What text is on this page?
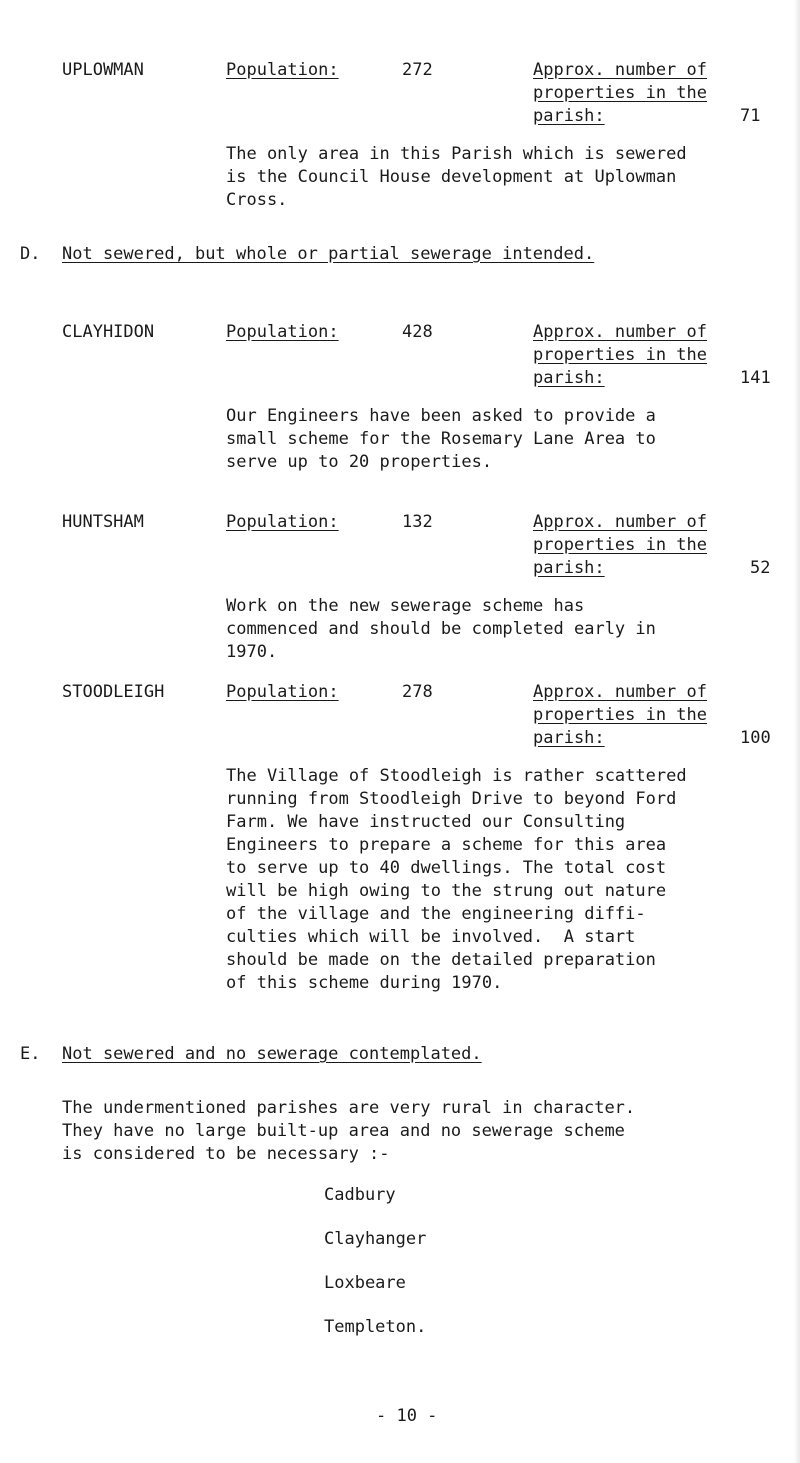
UPLOWMAN	Population:	272	Approx. number of
properties in the
parish:	71
The only area in this Parish which is sewered
is the Council House development at Uplowman
Cross.
D. Not sewered, but whole or partial sewerage intended.
CLAYHIDON	Population:	428	Approx. number of
properties in the
parish:	141
Our Engineers have been asked to provide a
small scheme for the Rosemary Lane Area to
serve up to 20 properties.
HUNTSHAM	Population:	132	Approx. number of
properties in the
parish:	52
Work on the new sewerage scheme has
commenced and should be completed early in
1970.
STOODLEIGH	Population:	278	Approx. number of
properties in the
parish:	100
The Village of Stoodleigh is rather scattered
running from Stoodleigh Drive to beyond Ford
Farm. We have instructed our Consulting
Engineers to prepare a scheme for this area
to serve up to 40 dwellings. The total cost
will be high owing to the strung out nature
of the village and the engineering diffi-
culties which will be involved.  A start
should be made on the detailed preparation
of this scheme during 1970.
E. Not sewered and no sewerage contemplated.
The undermentioned parishes are very rural in character.
They have no large built-up area and no sewerage scheme
is considered to be necessary :-
Cadbury
Clayhanger
Loxbeare
Templeton.
- 10 -
